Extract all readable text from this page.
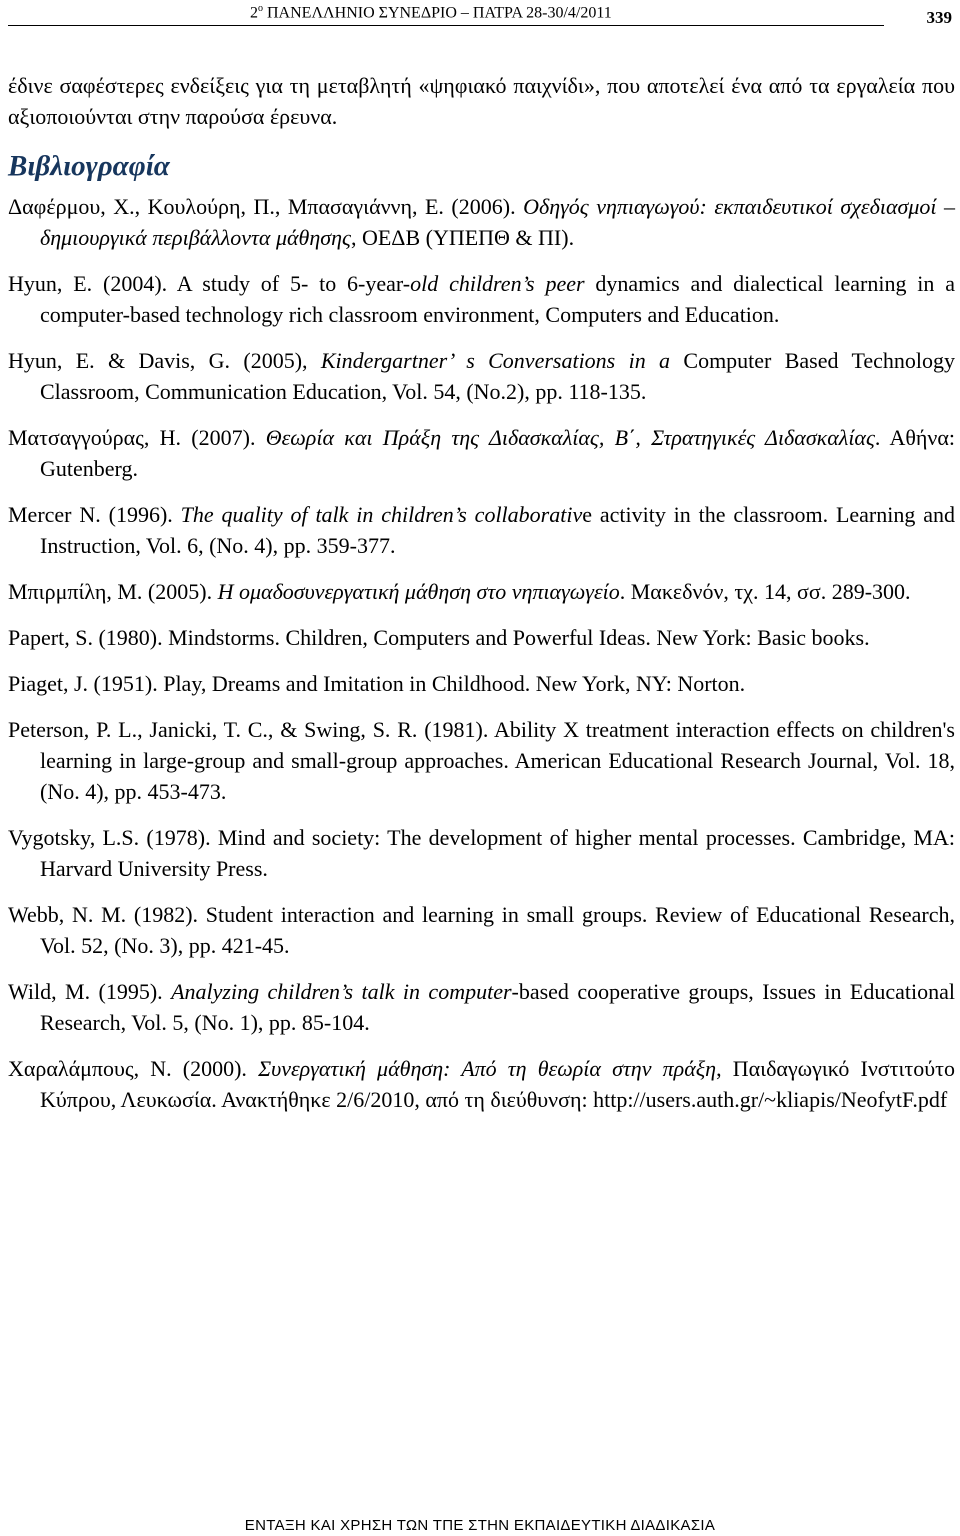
$2^o$ ΠΑΝΕΛΛΗΝΙΟ ΣΥΝΕΔΡΙΟ – ΠΑΤΡΑ 28-30/4/2011	339

έδινε σαφέστερες ενδείξεις για τη μεταβλητή «ψηφιακό παιχνίδι», που αποτελεί ένα από τα εργαλεία που αξιοποιούνται στην παρούσα έρευνα.

Βιβλιογραφία

Δαφέρμου, Χ., Κουλούρη, Π., Μπασαγιάννη, Ε. (2006). Οδηγός νηπιαγωγού: εκπαιδευτικοί σχεδιασμοί – δημιουργικά περιβάλλοντα μάθησης, ΟΕΔΒ (ΥΠΕΠΘ & ΠΙ).

Hyun, E. (2004). A study of 5- to 6-year-old children’s peer dynamics and dialectical learning in a computer-based technology rich classroom environment, Computers and Education.

Hyun, E. & Davis, G. (2005), Kindergartner’ s Conversations in a Computer Based Technology Classroom, Communication Education, Vol. 54, (No.2), pp. 118-135.

Ματσαγγούρας, Η. (2007). Θεωρία και Πράξη της Διδασκαλίας, Β΄, Στρατηγικές Διδασκαλίας. Αθήνα: Gutenberg.

Mercer N. (1996). The quality of talk in children’s collaborative activity in the classroom. Learning and Instruction, Vol. 6, (No. 4), pp. 359-377.

Μπιρμπίλη, Μ. (2005). Η ομαδοσυνεργατική μάθηση στο νηπιαγωγείο. Μακεδνόν, τχ. 14, σσ. 289-300.

Papert, S. (1980). Mindstorms. Children, Computers and Powerful Ideas. New York: Basic books.

Piaget, J. (1951). Play, Dreams and Imitation in Childhood. New York, NY: Norton.

Peterson, P. L., Janicki, T. C., & Swing, S. R. (1981). Ability X treatment interaction effects on children's learning in large-group and small-group approaches. American Educational Research Journal, Vol. 18, (No. 4), pp. 453-473.

Vygotsky, L.S. (1978). Mind and society: The development of higher mental processes. Cambridge, MA: Harvard University Press.

Webb, N. M. (1982). Student interaction and learning in small groups. Review of Educational Research, Vol. 52, (No. 3), pp. 421-45.

Wild, M. (1995). Analyzing children’s talk in computer-based cooperative groups, Issues in Educational Research, Vol. 5, (No. 1), pp. 85-104.

Χαραλάμπους, Ν. (2000). Συνεργατική μάθηση: Από τη θεωρία στην πράξη, Παιδαγωγικό Ινστιτούτο Κύπρου, Λευκωσία. Ανακτήθηκε 2/6/2010, από τη διεύθυνση: http://users.auth.gr/~kliapis/NeofytF.pdf

ΕΝΤΑΞΗ ΚΑΙ ΧΡΗΣΗ ΤΩΝ ΤΠΕ ΣΤΗΝ ΕΚΠΑΙΔΕΥΤΙΚΗ ΔΙΑΔΙΚΑΣΙΑ
